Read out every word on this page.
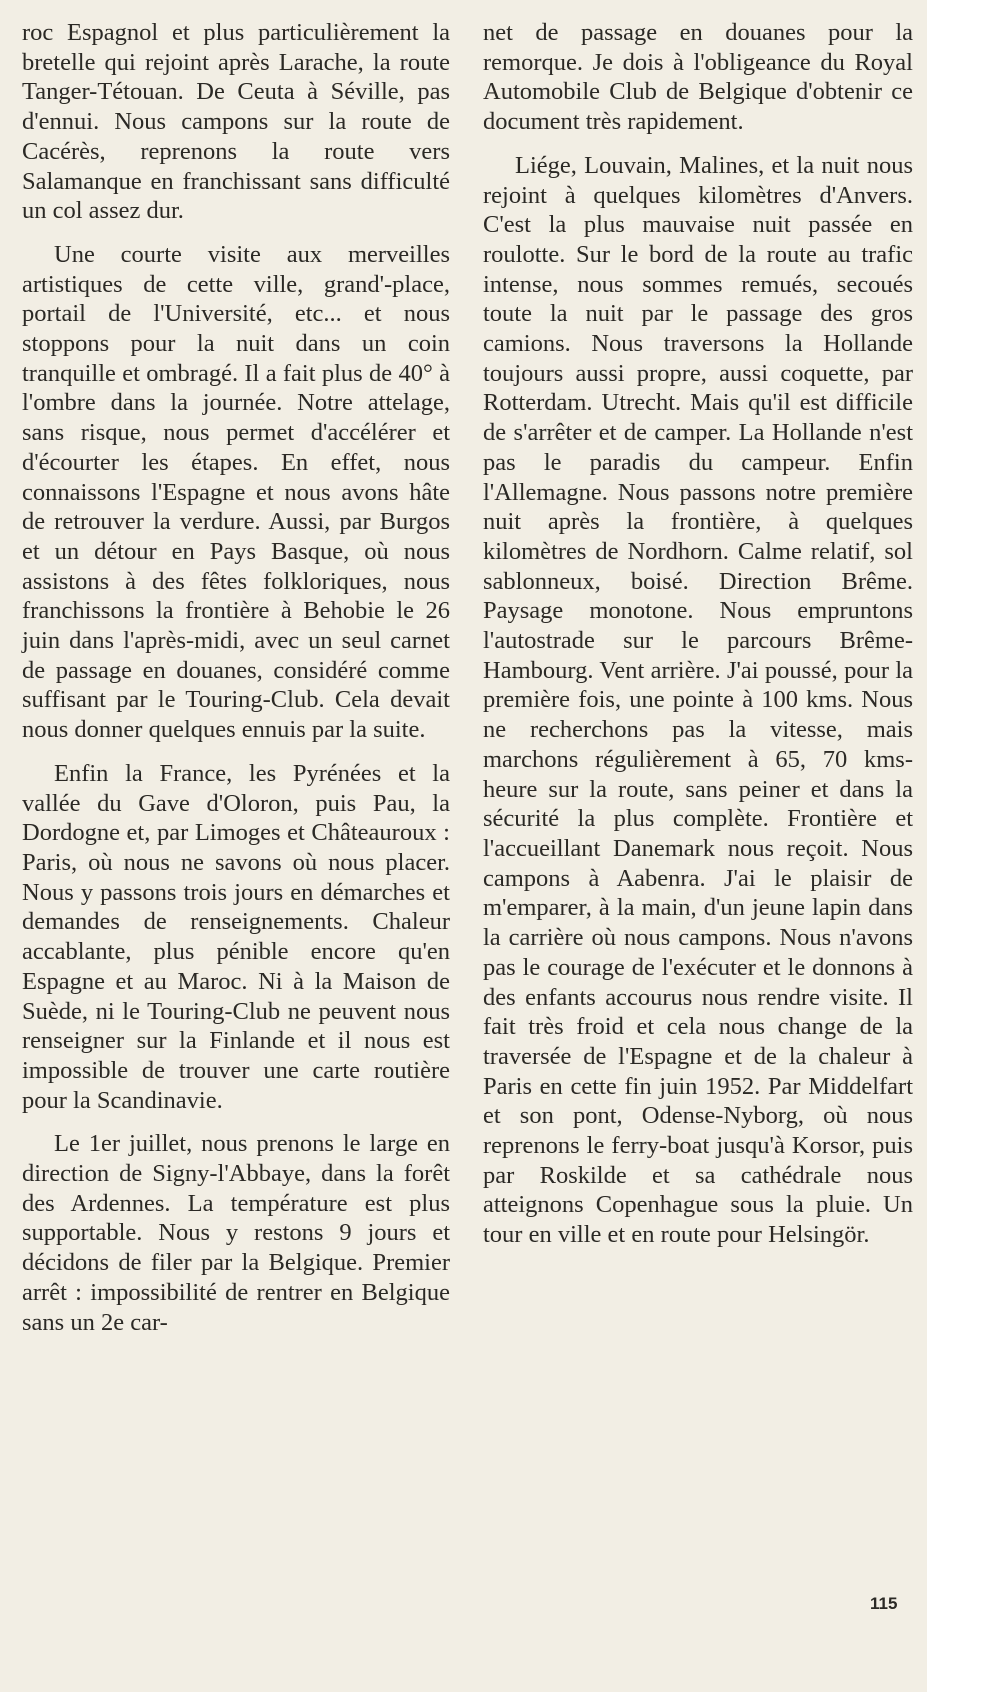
roc Espagnol et plus particulièrement la bretelle qui rejoint après Larache, la route Tanger-Tétouan. De Ceuta à Séville, pas d'ennui. Nous campons sur la route de Cacérès, reprenons la route vers Salamanque en franchissant sans difficulté un col assez dur.

Une courte visite aux merveilles artistiques de cette ville, grand'-place, portail de l'Université, etc... et nous stoppons pour la nuit dans un coin tranquille et ombragé. Il a fait plus de 40° à l'ombre dans la journée. Notre attelage, sans risque, nous permet d'accélérer et d'écourter les étapes. En effet, nous connaissons l'Espagne et nous avons hâte de retrouver la verdure. Aussi, par Burgos et un détour en Pays Basque, où nous assistons à des fêtes folkloriques, nous franchissons la frontière à Behobie le 26 juin dans l'après-midi, avec un seul carnet de passage en douanes, considéré comme suffisant par le Touring-Club. Cela devait nous donner quelques ennuis par la suite.

Enfin la France, les Pyrénées et la vallée du Gave d'Oloron, puis Pau, la Dordogne et, par Limoges et Châteauroux : Paris, où nous ne savons où nous placer. Nous y passons trois jours en démarches et demandes de renseignements. Chaleur accablante, plus pénible encore qu'en Espagne et au Maroc. Ni à la Maison de Suède, ni le Touring-Club ne peuvent nous renseigner sur la Finlande et il nous est impossible de trouver une carte routière pour la Scandinavie.

Le 1er juillet, nous prenons le large en direction de Signy-l'Abbaye, dans la forêt des Ardennes. La température est plus supportable. Nous y restons 9 jours et décidons de filer par la Belgique. Premier arrêt : impossibilité de rentrer en Belgique sans un 2e car-

net de passage en douanes pour la remorque. Je dois à l'obligeance du Royal Automobile Club de Belgique d'obtenir ce document très rapidement.

Liége, Louvain, Malines, et la nuit nous rejoint à quelques kilomètres d'Anvers. C'est la plus mauvaise nuit passée en roulotte. Sur le bord de la route au trafic intense, nous sommes remués, secoués toute la nuit par le passage des gros camions. Nous traversons la Hollande toujours aussi propre, aussi coquette, par Rotterdam. Utrecht. Mais qu'il est difficile de s'arrêter et de camper. La Hollande n'est pas le paradis du campeur. Enfin l'Allemagne. Nous passons notre première nuit après la frontière, à quelques kilomètres de Nordhorn. Calme relatif, sol sablonneux, boisé. Direction Brême. Paysage monotone. Nous empruntons l'autostrade sur le parcours Brême-Hambourg. Vent arrière. J'ai poussé, pour la première fois, une pointe à 100 kms. Nous ne recherchons pas la vitesse, mais marchons régulièrement à 65, 70 kms-heure sur la route, sans peiner et dans la sécurité la plus complète. Frontière et l'accueillant Danemark nous reçoit. Nous campons à Aabenra. J'ai le plaisir de m'emparer, à la main, d'un jeune lapin dans la carrière où nous campons. Nous n'avons pas le courage de l'exécuter et le donnons à des enfants accourus nous rendre visite. Il fait très froid et cela nous change de la traversée de l'Espagne et de la chaleur à Paris en cette fin juin 1952. Par Middelfart et son pont, Odense-Nyborg, où nous reprenons le ferry-boat jusqu'à Korsor, puis par Roskilde et sa cathédrale nous atteignons Copenhague sous la pluie. Un tour en ville et en route pour Helsingör.

115
